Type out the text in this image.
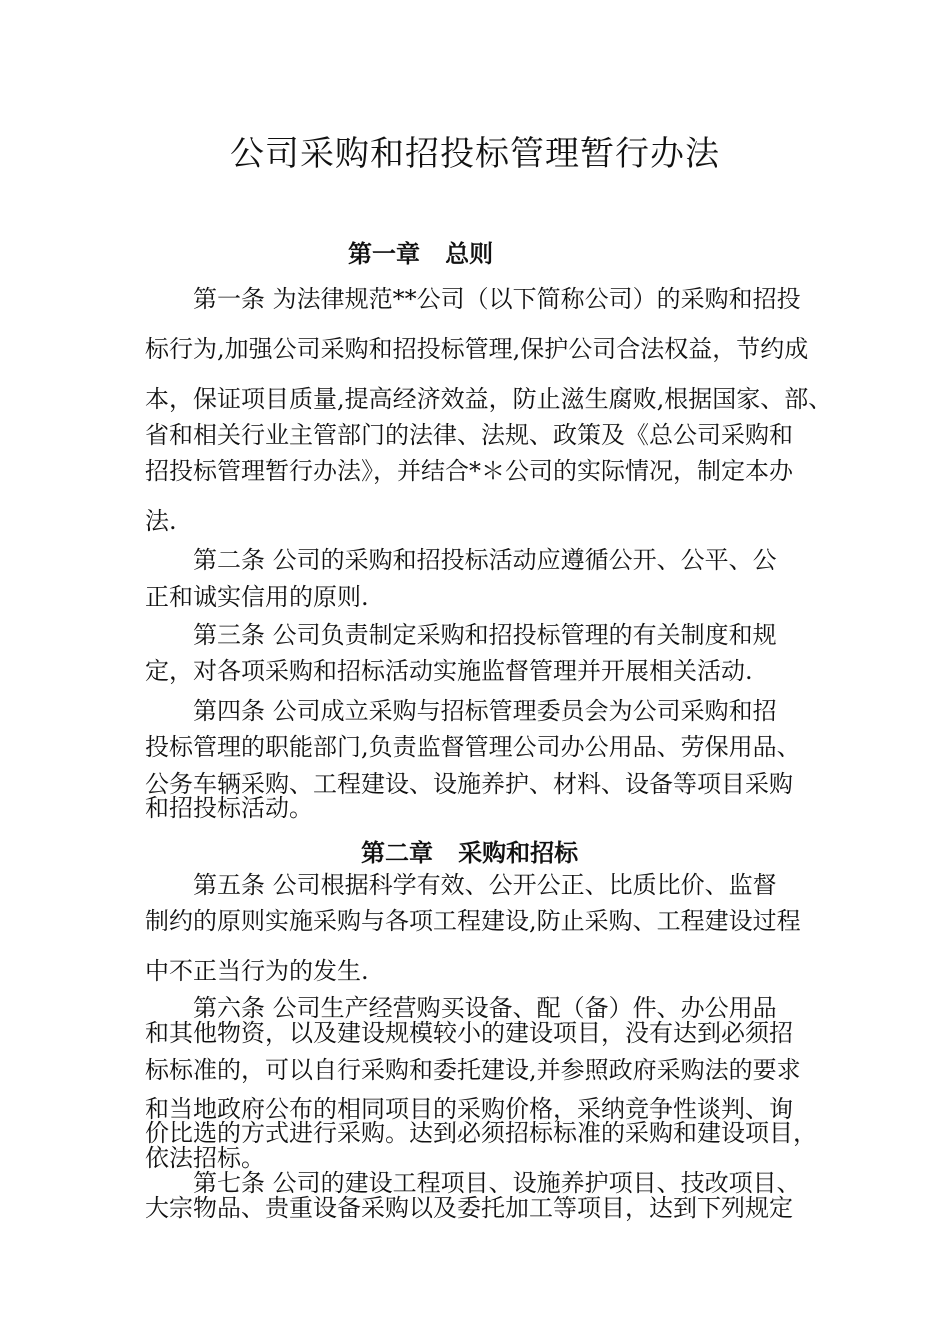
公司采购和招投标管理暂行办法
第一章   总则

第一条 为法律规范**公司（以下简称公司）的采购和招投

标行为,加强公司采购和招投标管理,保护公司合法权益，节约成

本，保证项目质量,提高经济效益，防止滋生腐败,根据国家、部、

省和相关行业主管部门的法律、法规、政策及《总公司采购和

招投标管理暂行办法》，并结合*＊公司的实际情况，制定本办

法.

第二条 公司的采购和招投标活动应遵循公开、公平、公

正和诚实信用的原则.

第三条 公司负责制定采购和招投标管理的有关制度和规

定，对各项采购和招标活动实施监督管理并开展相关活动.

第四条 公司成立采购与招标管理委员会为公司采购和招

投标管理的职能部门,负责监督管理公司办公用品、劳保用品、

公务车辆采购、工程建设、设施养护、材料、设备等项目采购

和招投标活动。

第二章   采购和招标

第五条 公司根据科学有效、公开公正、比质比价、监督

制约的原则实施采购与各项工程建设,防止采购、工程建设过程

中不正当行为的发生.

第六条 公司生产经营购买设备、配（备）件、办公用品

和其他物资，以及建设规模较小的建设项目，没有达到必须招

标标准的，可以自行采购和委托建设,并参照政府采购法的要求

和当地政府公布的相同项目的采购价格，采纳竞争性谈判、询

价比选的方式进行采购。达到必须招标标准的采购和建设项目，

依法招标。

第七条 公司的建设工程项目、设施养护项目、技改项目、

大宗物品、贵重设备采购以及委托加工等项目，达到下列规定
